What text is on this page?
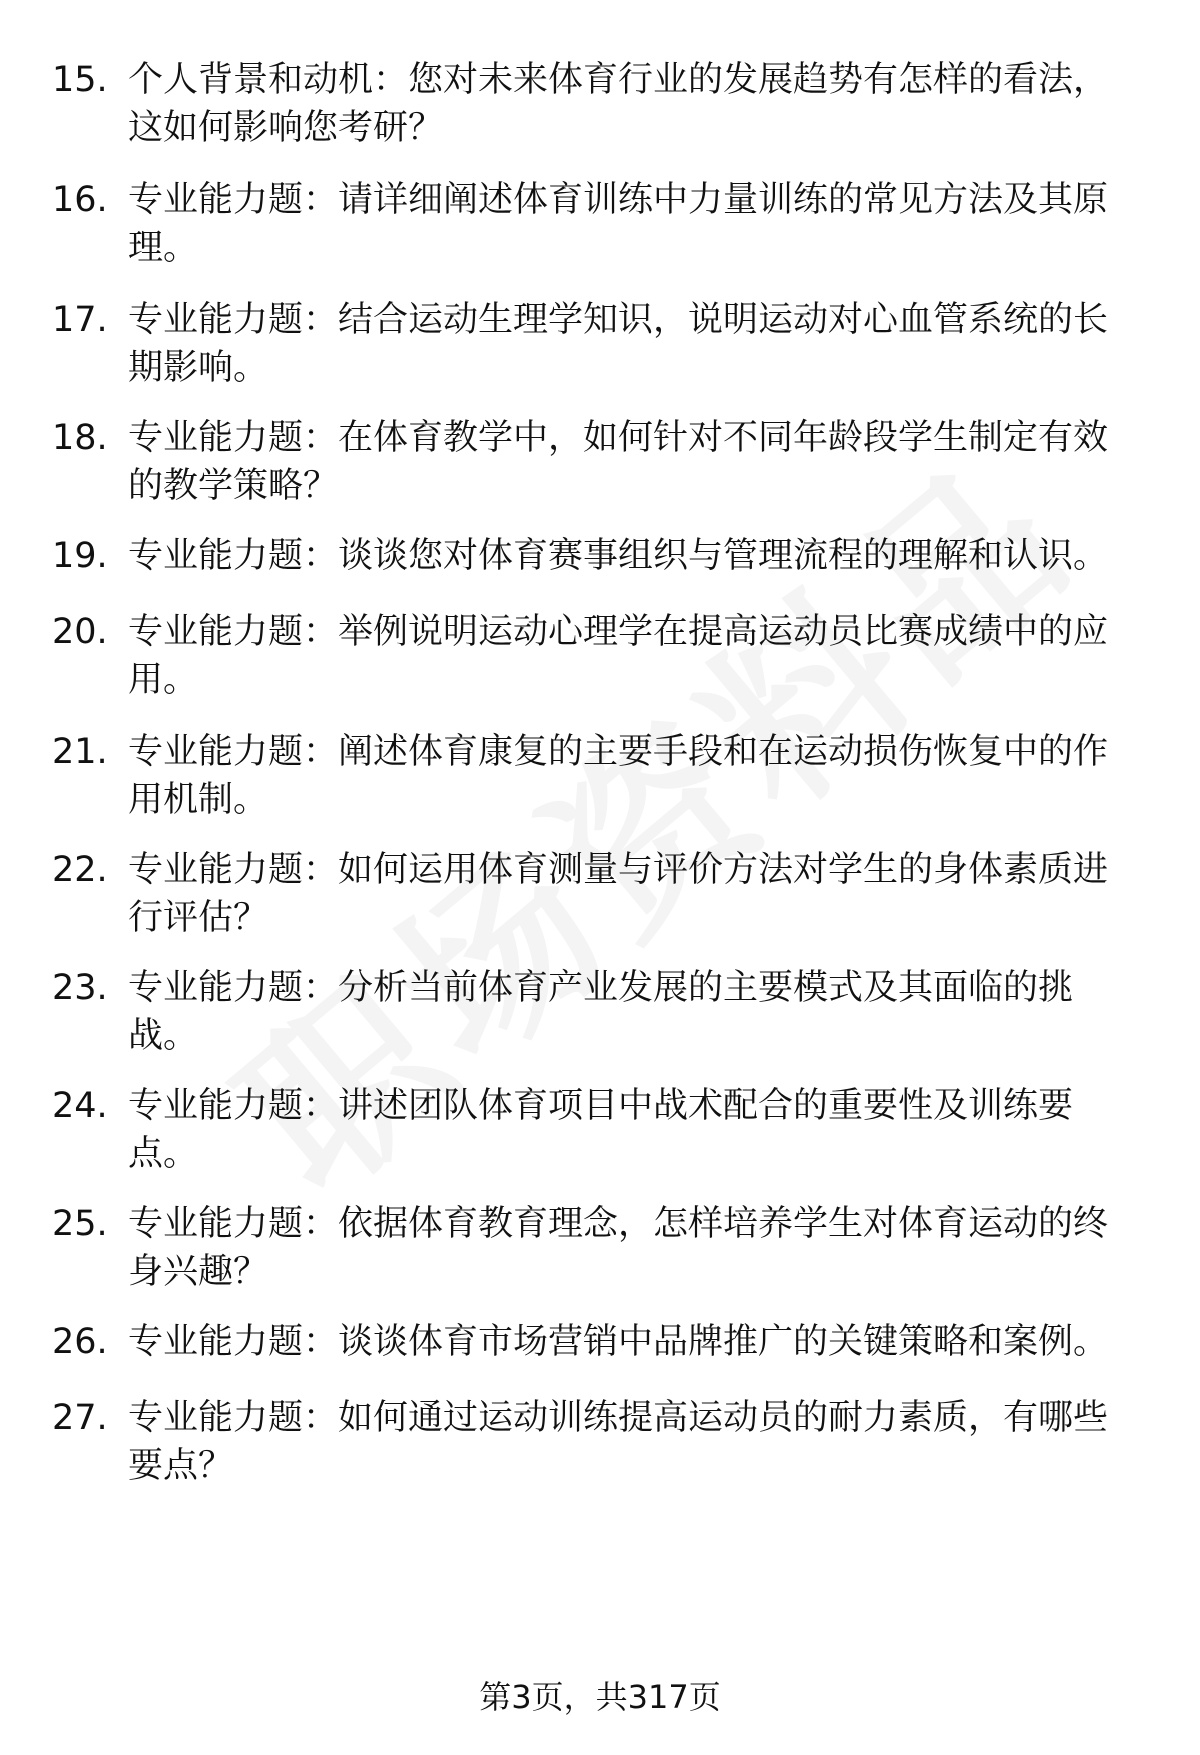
15. 个人背景和动机：您对未来体育行业的发展趋势有怎样的看法，
这如何影响您考研？
16. 专业能力题：请详细阐述体育训练中力量训练的常见方法及其原
理。
17. 专业能力题：结合运动生理学知识，说明运动对心血管系统的长
期影响。
18. 专业能力题：在体育教学中，如何针对不同年龄段学生制定有效
的教学策略？
19. 专业能力题：谈谈您对体育赛事组织与管理流程的理解和认识。
20. 专业能力题：举例说明运动心理学在提高运动员比赛成绩中的应
用。
21. 专业能力题：阐述体育康复的主要手段和在运动损伤恢复中的作
用机制。
22. 专业能力题：如何运用体育测量与评价方法对学生的身体素质进
行评估？
23. 专业能力题：分析当前体育产业发展的主要模式及其面临的挑
战。
24. 专业能力题：讲述团队体育项目中战术配合的重要性及训练要
点。
25. 专业能力题：依据体育教育理念，怎样培养学生对体育运动的终
身兴趣？
26. 专业能力题：谈谈体育市场营销中品牌推广的关键策略和案例。
27. 专业能力题：如何通过运动训练提高运动员的耐力素质，有哪些
要点？
第3页，共317页
